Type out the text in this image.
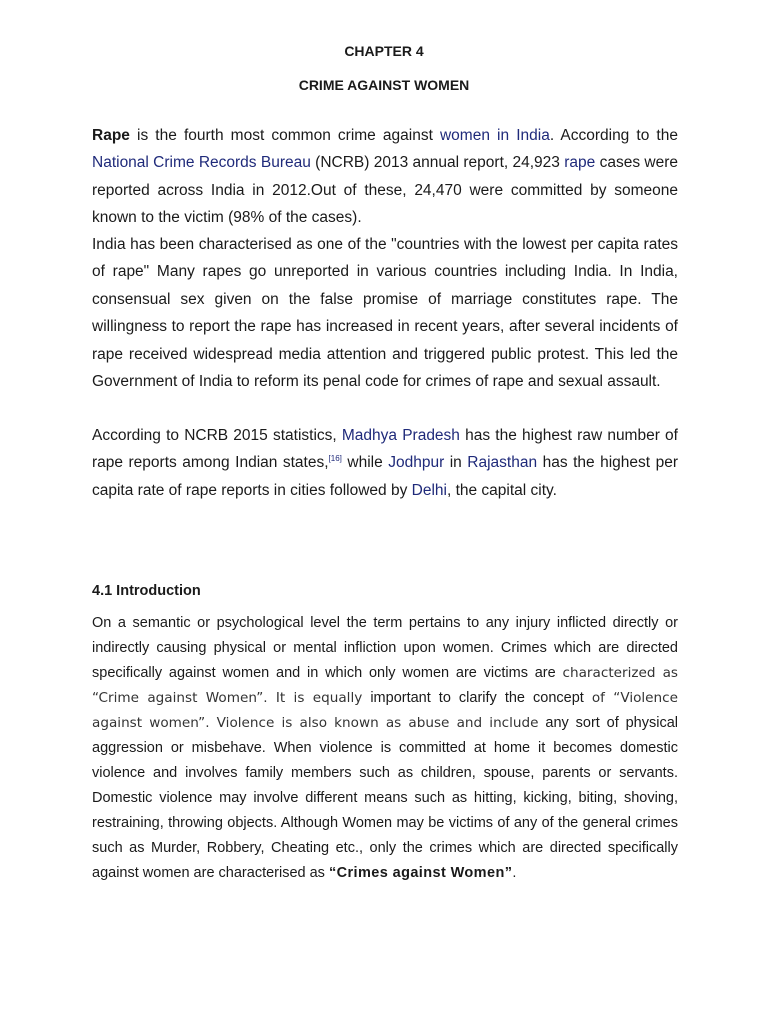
CHAPTER 4
CRIME AGAINST WOMEN

Rape is the fourth most common crime against women in India. According to the National Crime Records Bureau (NCRB) 2013 annual report, 24,923 rape cases were reported across India in 2012.Out of these, 24,470 were committed by someone known to the victim (98% of the cases).

India has been characterised as one of the "countries with the lowest per capita rates of rape" Many rapes go unreported in various countries including India. In India, consensual sex given on the false promise of marriage constitutes rape. The willingness to report the rape has increased in recent years, after several incidents of rape received widespread media attention and triggered public protest. This led the Government of India to reform its penal code for crimes of rape and sexual assault.

According to NCRB 2015 statistics, Madhya Pradesh has the highest raw number of rape reports among Indian states,[16] while Jodhpur in Rajasthan has the highest per capita rate of rape reports in cities followed by Delhi, the capital city.

4.1 Introduction

On a semantic or psychological level the term pertains to any injury inflicted directly or indirectly causing physical or mental infliction upon women. Crimes which are directed specifically against women and in which only women are victims are characterized as “Crime against Women”. It is equally important to clarify the concept of “Violence against women”. Violence is also known as abuse and include any sort of physical aggression or misbehave. When violence is committed at home it becomes domestic violence and involves family members such as children, spouse, parents or servants. Domestic violence may involve different means such as hitting, kicking, biting, shoving, restraining, throwing objects. Although Women may be victims of any of the general crimes such as Murder, Robbery, Cheating etc., only the crimes which are directed specifically against women are characterised as “Crimes against Women”.
